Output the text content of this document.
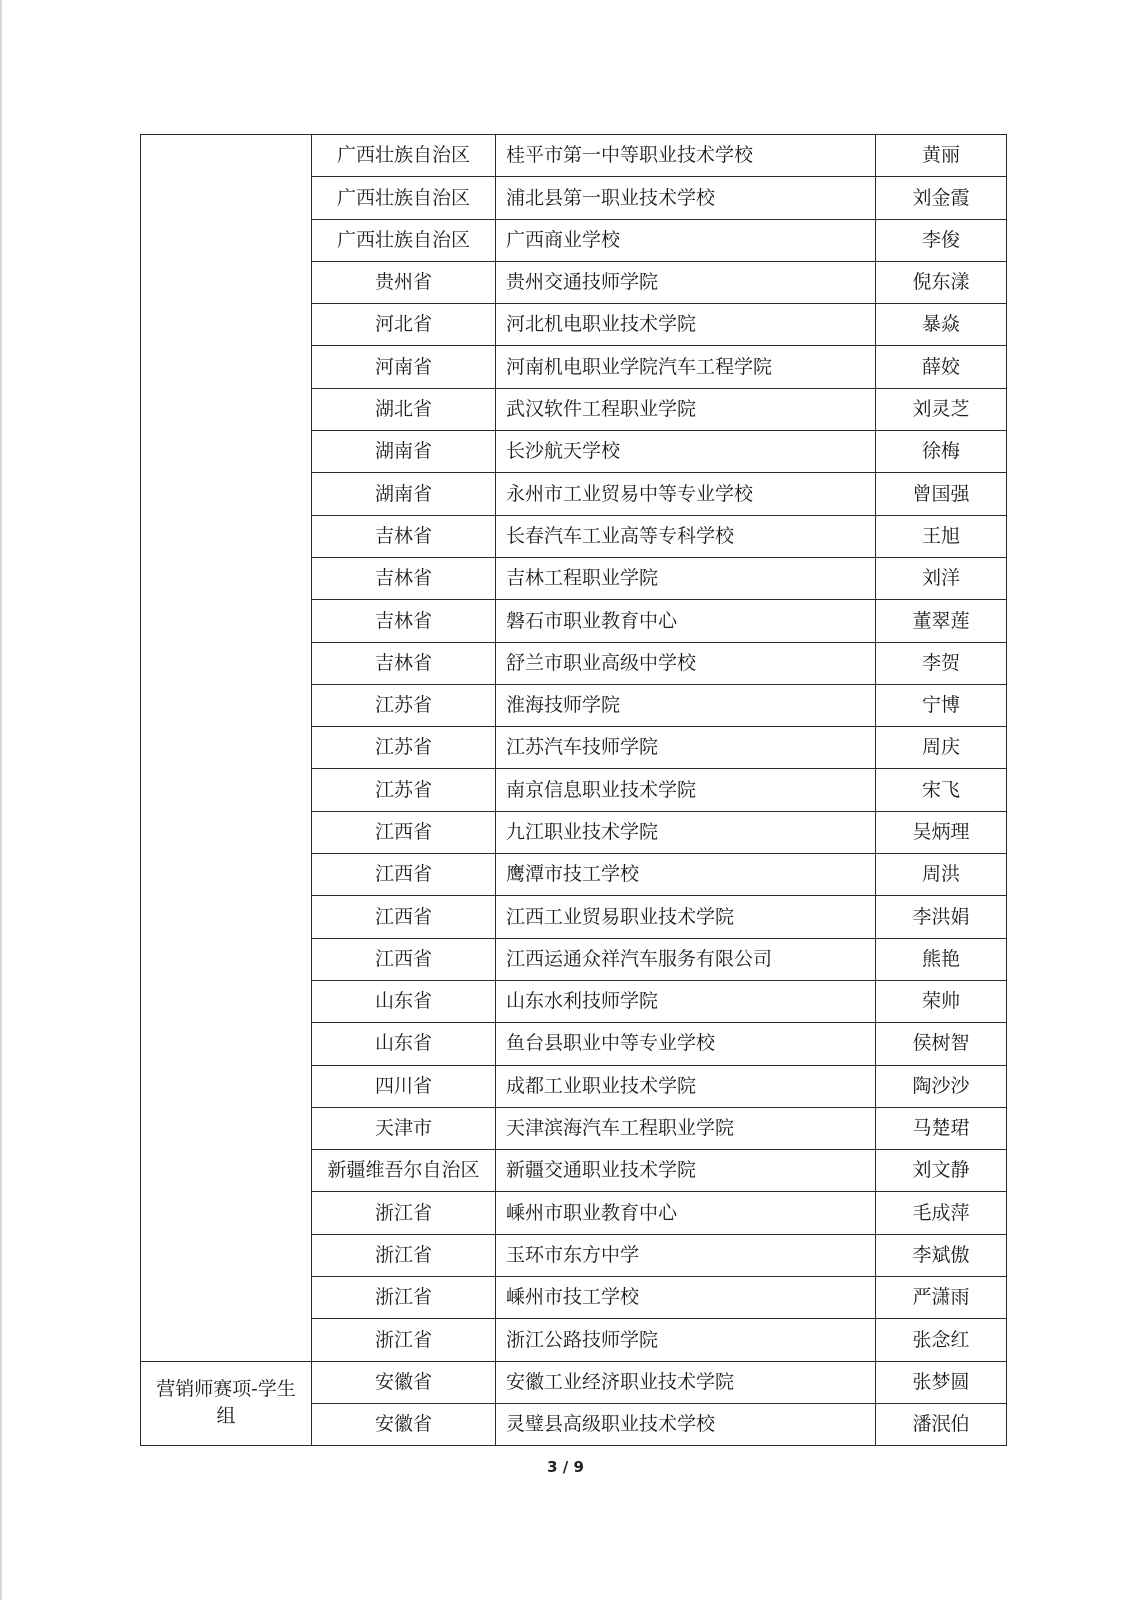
	广西壮族自治区	桂平市第一中等职业技术学校	黄丽
	广西壮族自治区	浦北县第一职业技术学校	刘金霞
	广西壮族自治区	广西商业学校	李俊
	贵州省	贵州交通技师学院	倪东漾
	河北省	河北机电职业技术学院	暴焱
	河南省	河南机电职业学院汽车工程学院	薛姣
	湖北省	武汉软件工程职业学院	刘灵芝
	湖南省	长沙航天学校	徐梅
	湖南省	永州市工业贸易中等专业学校	曾国强
	吉林省	长春汽车工业高等专科学校	王旭
	吉林省	吉林工程职业学院	刘洋
	吉林省	磐石市职业教育中心	董翠莲
	吉林省	舒兰市职业高级中学校	李贺
	江苏省	淮海技师学院	宁博
	江苏省	江苏汽车技师学院	周庆
	江苏省	南京信息职业技术学院	宋飞
	江西省	九江职业技术学院	吴炳理
	江西省	鹰潭市技工学校	周洪
	江西省	江西工业贸易职业技术学院	李洪娟
	江西省	江西运通众祥汽车服务有限公司	熊艳
	山东省	山东水利技师学院	荣帅
	山东省	鱼台县职业中等专业学校	侯树智
	四川省	成都工业职业技术学院	陶沙沙
	天津市	天津滨海汽车工程职业学院	马楚珺
	新疆维吾尔自治区	新疆交通职业技术学院	刘文静
	浙江省	嵊州市职业教育中心	毛成萍
	浙江省	玉环市东方中学	李斌傲
	浙江省	嵊州市技工学校	严潇雨
	浙江省	浙江公路技师学院	张念红
营销师赛项-学生组	安徽省	安徽工业经济职业技术学院	张梦圆
	安徽省	灵璧县高级职业技术学校	潘泯伯
3 / 9
